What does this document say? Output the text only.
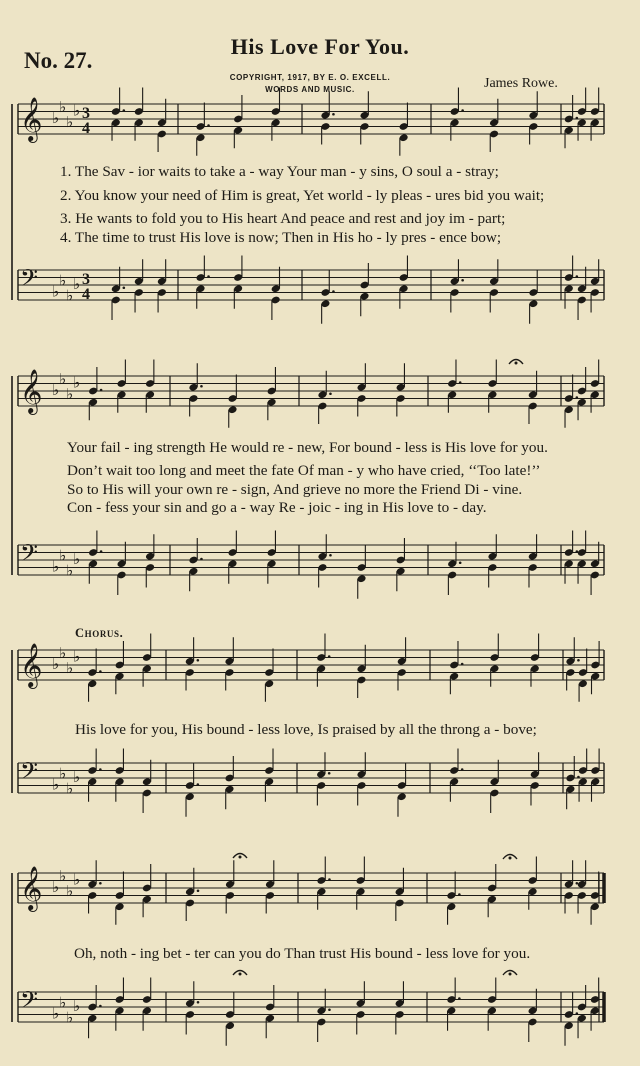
No. 27.
His Love For You.
COPYRIGHT, 1917, BY E. O. EXCELL.
WORDS AND MUSIC.	James Rowe.
𝄞 ♭
♭
♭
♭ 3
4
𝄢 ♭
♭
♭
♭ 3
4
𝄞 ♭
♭
♭
♭
𝄢 ♭
♭
♭
♭
𝄞 ♭
♭
♭
♭
𝄢 ♭
♭
♭
♭
𝄞 ♭
♭
♭
♭
𝄢 ♭
♭
♭
♭
1. The Sav - ior waits to take a - way Your man - y sins, O soul a - stray;
2. You know your need of Him is great, Yet world - ly pleas - ures bid you wait;
3. He wants to fold you to His heart And peace and rest and joy im - part;
4. The time to trust His love is now; Then in His ho - ly pres - ence bow;
Your fail - ing strength He would re - new, For bound - less is His love for you.
Don’t wait too long and meet the fate Of man - y who have cried, ‘‘Too late!’’
So to His will your own re - sign, And grieve no more the Friend Di - vine.
Con - fess your sin and go a - way Re - joic - ing in His love to - day.
Chorus.
His love for you, His bound - less love, Is praised by all the throng a - bove;
Oh, noth - ing bet - ter can you do Than trust His bound - less love for you.
